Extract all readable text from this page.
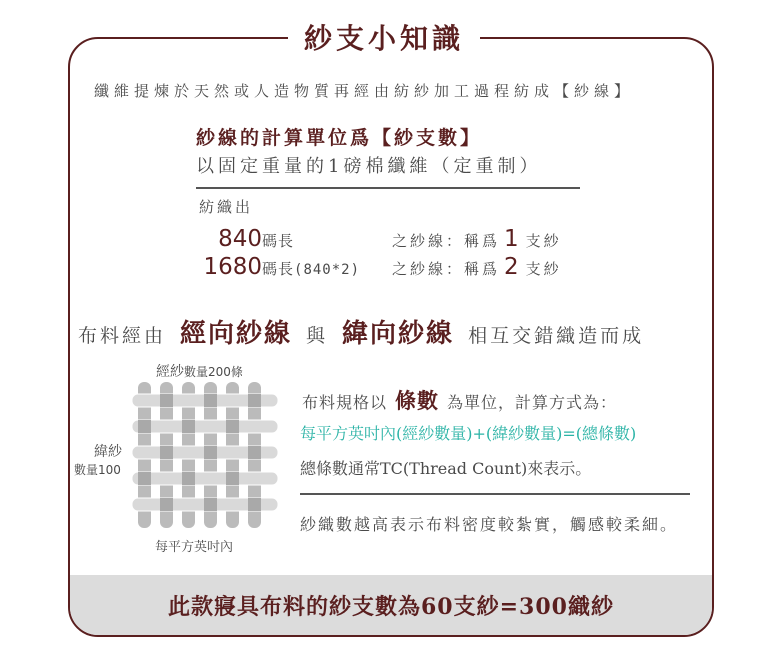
此款寢具布料的紗支數為60支紗=300織紗
紗支小知識
纖維提煉於天然或人造物質再經由紡紗加工過程紡成【紗線】
紗線的計算單位爲【紗支數】
以固定重量的1磅棉纖維（定重制）
紡織出
840 碼長	之紗線：稱爲 1 支紗
1680 碼長 (840*2) 之紗線：稱爲 2 支紗
布料經由 經向紗線 與 緯向紗線 相互交錯織造而成
經紗數量200條
緯紗
數量100
每平方英吋內
布料規格以 條數 為單位，計算方式為：
每平方英吋內(經紗數量)+(緯紗數量)=(總條數)
總條數通常TC(Thread Count)來表示。
紗織數越高表示布料密度較紮實，觸感較柔細。
